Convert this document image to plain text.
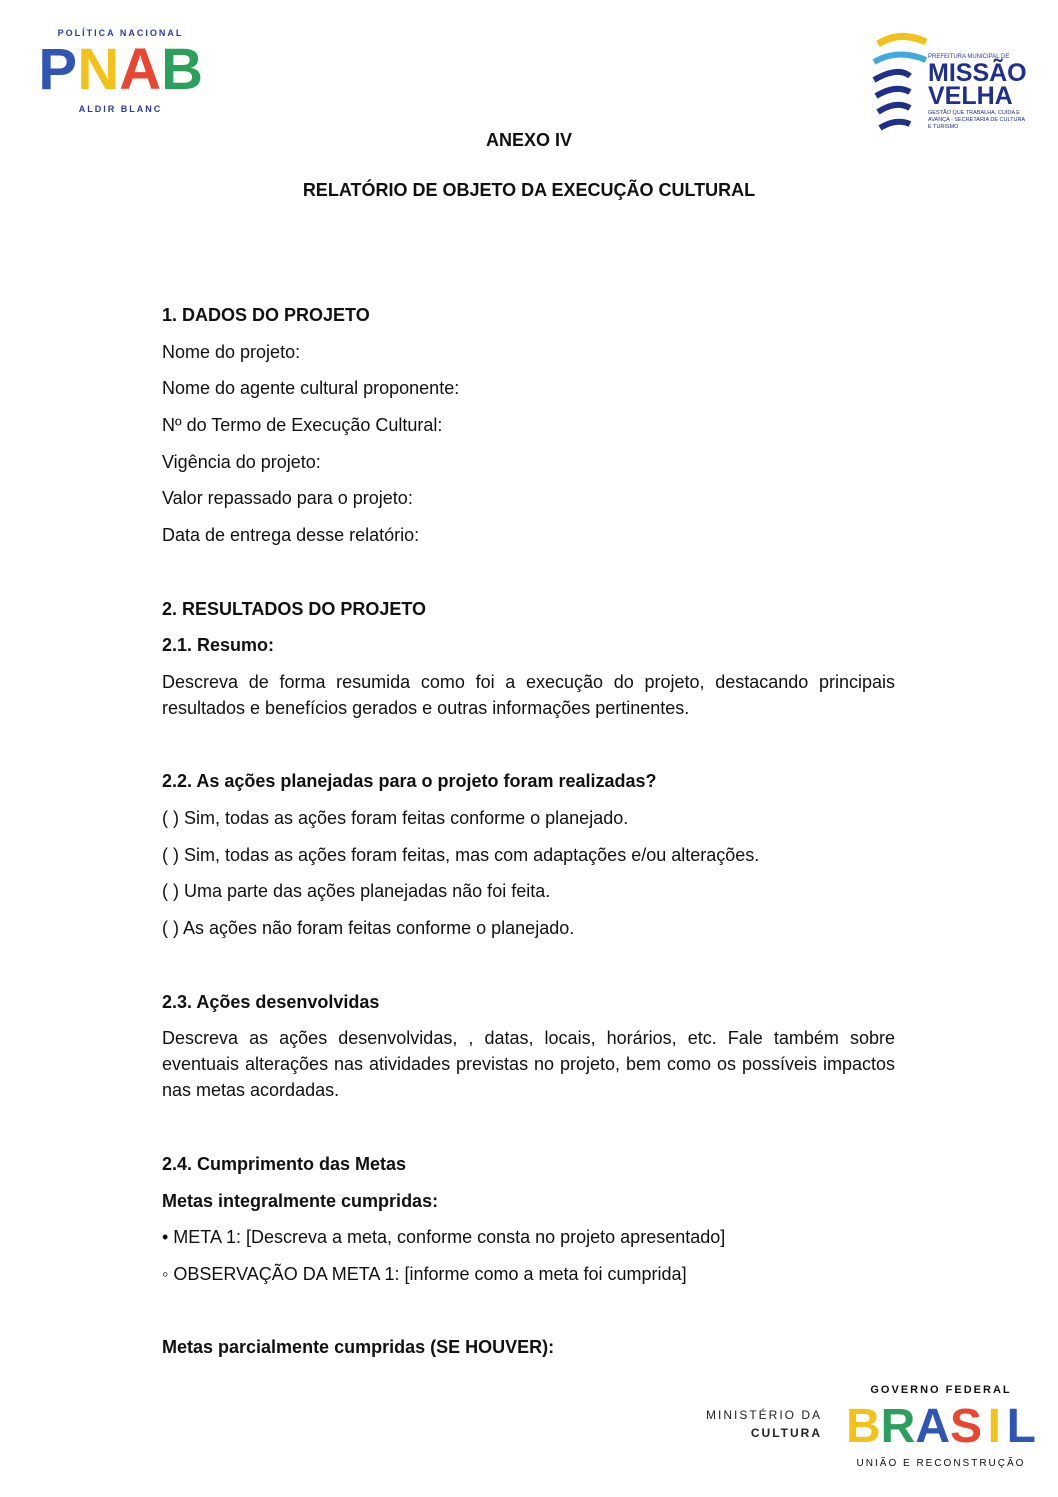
POLÍTICA NACIONAL
P N A B
ALDIR BLANC
PREFEITURA MUNICIPAL DE
MISSÃO VELHA
GESTÃO QUE TRABALHA, CUIDA E AVANÇA · SECRETARIA DE CULTURA E TURISMO
ANEXO IV
RELATÓRIO DE OBJETO DA EXECUÇÃO CULTURAL
1. DADOS DO PROJETO
Nome do projeto:
Nome do agente cultural proponente:
Nº do Termo de Execução Cultural:
Vigência do projeto:
Valor repassado para o projeto:
Data de entrega desse relatório:
2. RESULTADOS DO PROJETO
2.1. Resumo:
Descreva de forma resumida como foi a execução do projeto, destacando principais resultados e benefícios gerados e outras informações pertinentes.
2.2. As ações planejadas para o projeto foram realizadas?
( ) Sim, todas as ações foram feitas conforme o planejado.
( ) Sim, todas as ações foram feitas, mas com adaptações e/ou alterações.
( ) Uma parte das ações planejadas não foi feita.
( ) As ações não foram feitas conforme o planejado.
2.3. Ações desenvolvidas
Descreva as ações desenvolvidas, , datas, locais, horários, etc. Fale também sobre eventuais alterações nas atividades previstas no projeto, bem como os possíveis impactos nas metas acordadas.
2.4. Cumprimento das Metas
Metas integralmente cumpridas:
• META 1: [Descreva a meta, conforme consta no projeto apresentado]
◦ OBSERVAÇÃO DA META 1: [informe como a meta foi cumprida]
Metas parcialmente cumpridas (SE HOUVER):
MINISTÉRIO DA
CULTURA
GOVERNO FEDERAL
B R A S I L
UNIÃO E RECONSTRUÇÃO
